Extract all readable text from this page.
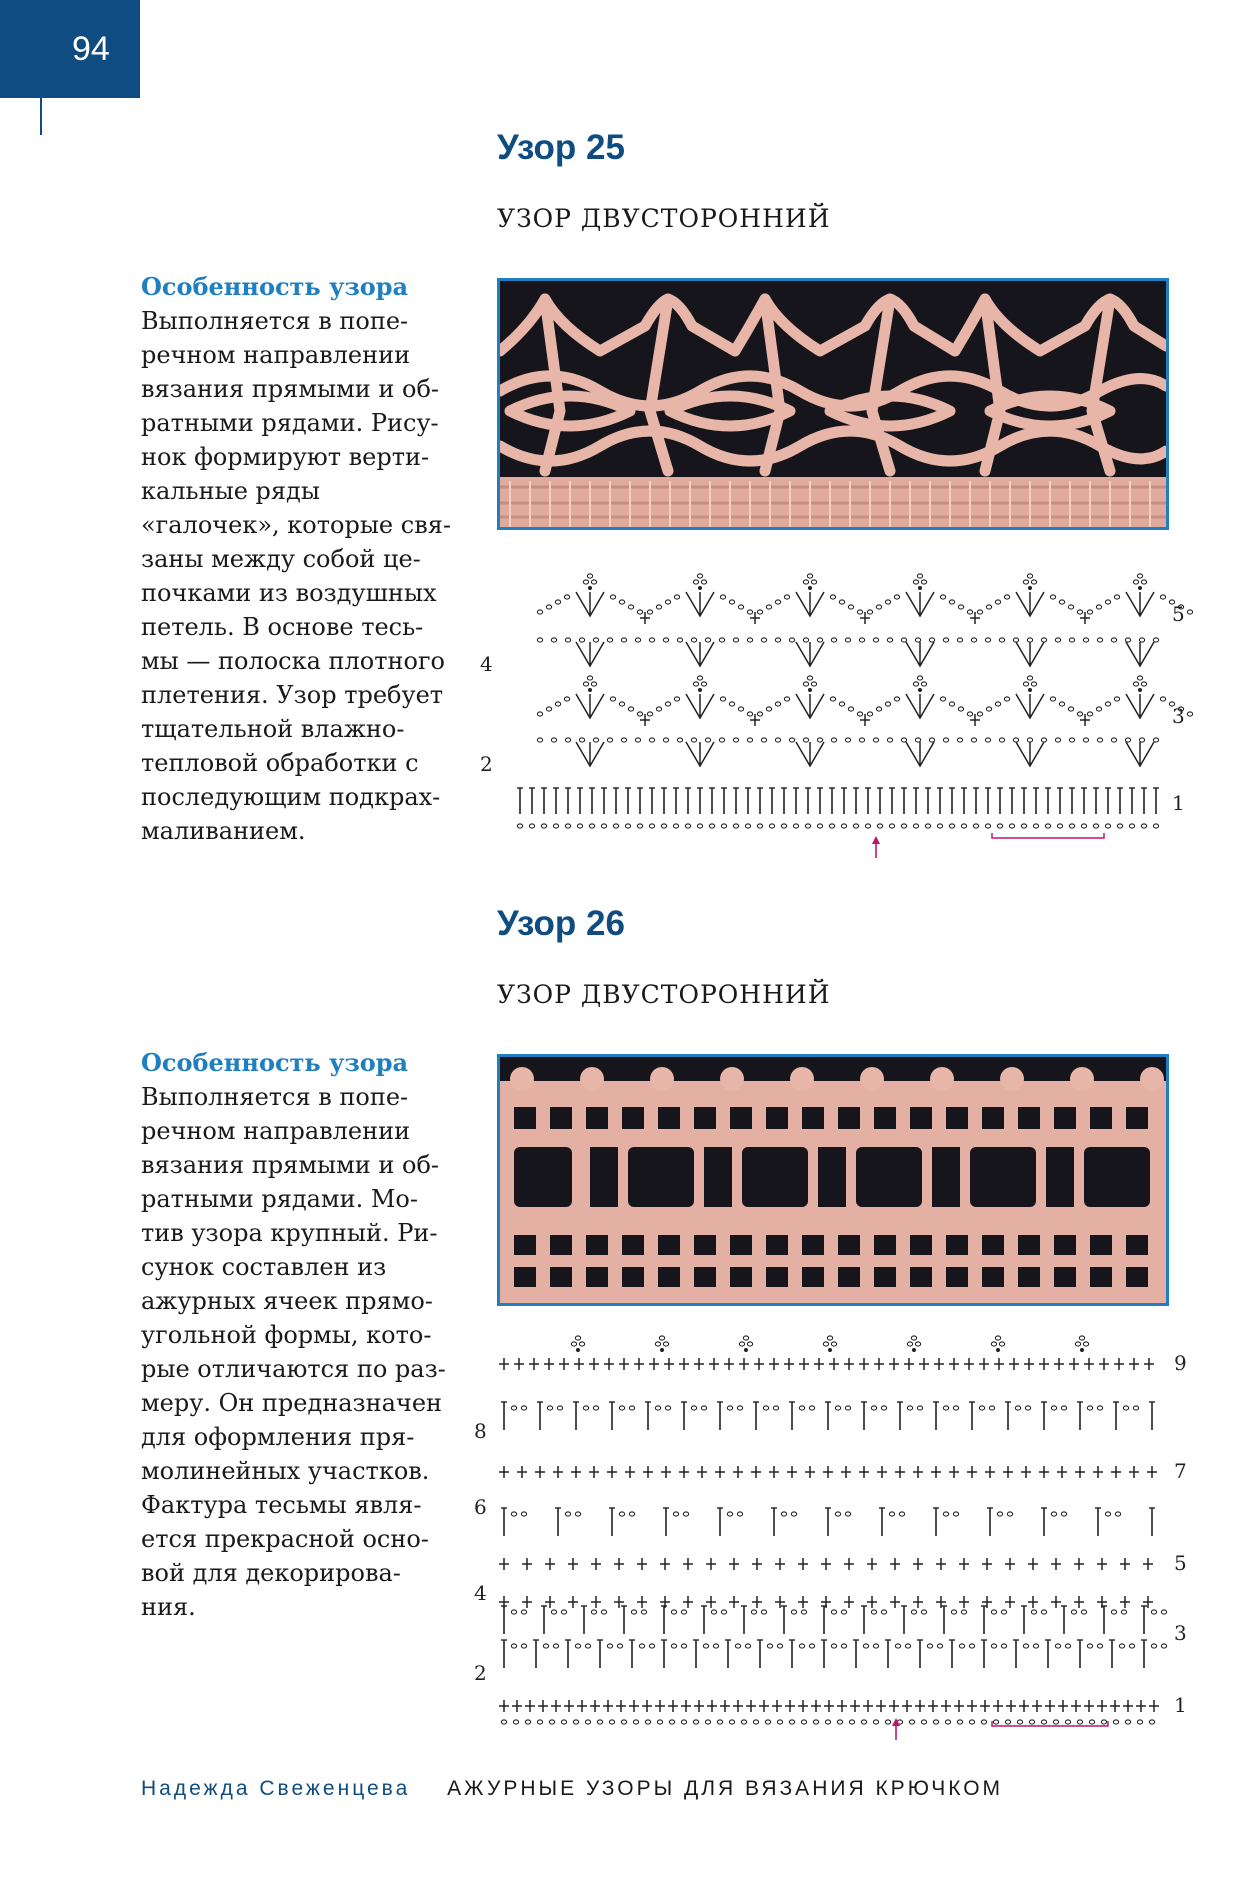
94
Узор 25
УЗОР ДВУСТОРОННИЙ
Особенность узора
Выполняется в попе-
речном направлении
вязания прямыми и об-
ратными рядами. Рису-
нок формируют верти-
кальные ряды
«галочек», которые свя-
заны между собой це-
почками из воздушных
петель. В основе тесь-
мы — полоска плотного
плетения. Узор требует
тщательной влажно-
тепловой обработки с
последующим подкрах-
маливанием.
5
3
1
4
2
Узор 26
УЗОР ДВУСТОРОННИЙ
Особенность узора
Выполняется в попе-
речном направлении
вязания прямыми и об-
ратными рядами. Мо-
тив узора крупный. Ри-
сунок составлен из
ажурных ячеек прямо-
угольной формы, кото-
рые отличаются по раз-
меру. Он предназначен
для оформления пря-
молинейных участков.
Фактура тесьмы явля-
ется прекрасной осно-
вой для декорирова-
ния.
9
7
5
3
1
8
6
4
2
Надежда Свеженцева АЖУРНЫЕ УЗОРЫ ДЛЯ ВЯЗАНИЯ КРЮЧКОМ
